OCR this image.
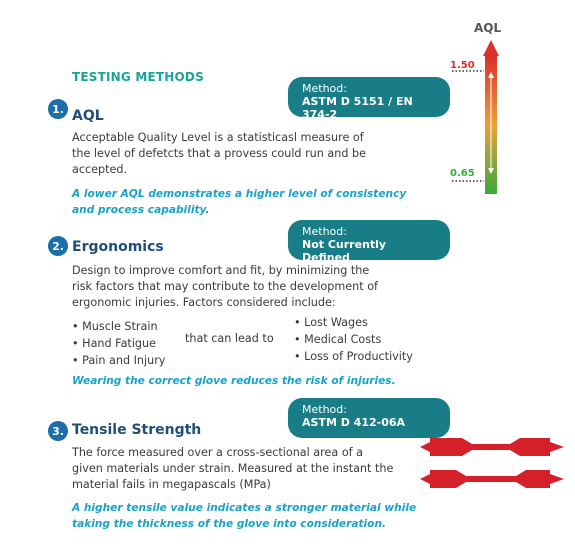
TESTING METHODS
1. AQL
Method:
ASTM D 5151 / EN 374-2
Acceptable Quality Level is a statisticasl measure of
the level of defetcts that a provess could run and be
accepted.
A lower AQL demonstrates a higher level of consistency
and process capability.
2. Ergonomics
Method:
Not Currently Defined
Design to improve comfort and fit, by minimizing the
risk factors that may contribute to the development of
ergonomic injuries. Factors considered include:
• Muscle Strain
• Hand Fatigue
• Pain and Injury
that can lead to
• Lost Wages
• Medical Costs
• Loss of Productivity
Wearing the correct glove reduces the risk of injuries.
3. Tensile Strength
Method:
ASTM D 412-06A
The force measured over a cross-sectional area of a
given materials under strain. Measured at the instant the
material fails in megapascals (MPa)
A higher tensile value indicates a stronger material while
taking the thickness of the glove into consideration.
AQL
1.50
0.65
